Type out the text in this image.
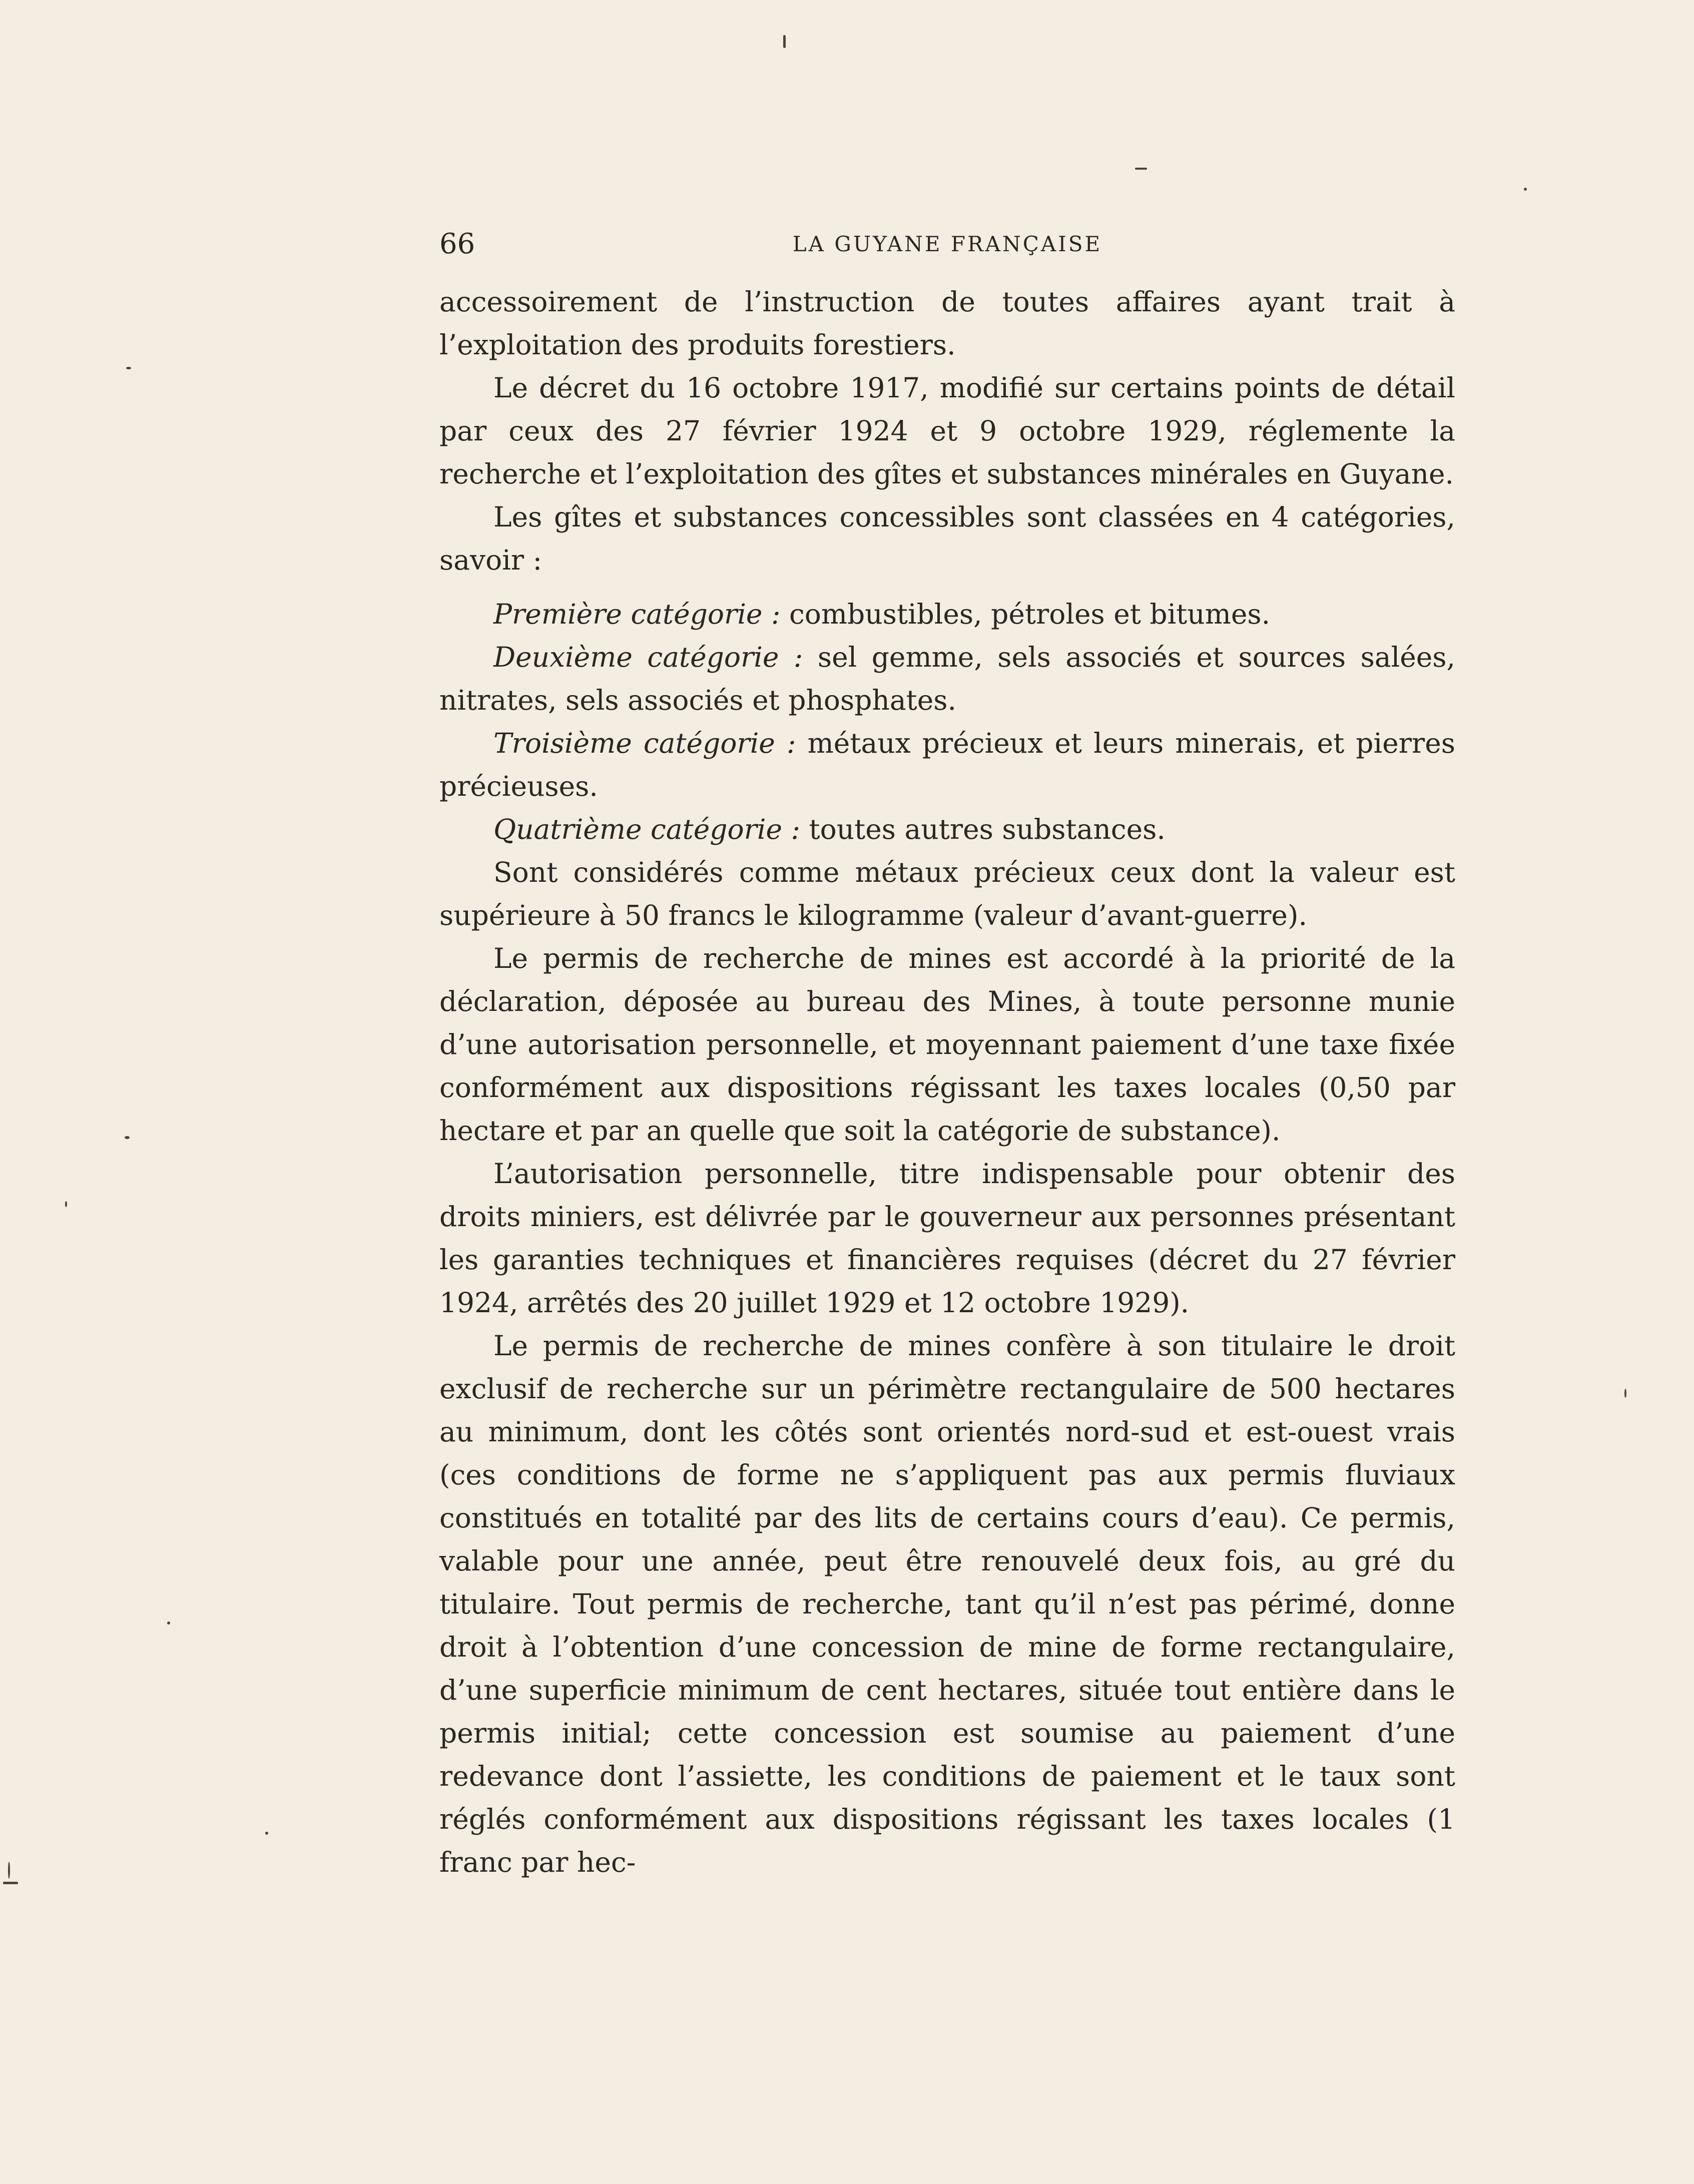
66	LA GUYANE FRANÇAISE

accessoirement de l’instruction de toutes affaires ayant trait à l’exploitation des produits forestiers.

Le décret du 16 octobre 1917, modifié sur certains points de détail par ceux des 27 février 1924 et 9 octobre 1929, réglemente la recherche et l’exploitation des gîtes et substances minérales en Guyane.

Les gîtes et substances concessibles sont classées en 4 catégories, savoir :

Première catégorie : combustibles, pétroles et bitumes.

Deuxième catégorie : sel gemme, sels associés et sources salées, nitrates, sels associés et phosphates.

Troisième catégorie : métaux précieux et leurs minerais, et pierres précieuses.

Quatrième catégorie : toutes autres substances.

Sont considérés comme métaux précieux ceux dont la valeur est supérieure à 50 francs le kilogramme (valeur d’avant-guerre).

Le permis de recherche de mines est accordé à la priorité de la déclaration, déposée au bureau des Mines, à toute personne munie d’une autorisation personnelle, et moyennant paiement d’une taxe fixée conformément aux dispositions régissant les taxes locales (0,50 par hectare et par an quelle que soit la catégorie de substance).

L’autorisation personnelle, titre indispensable pour obtenir des droits miniers, est délivrée par le gouverneur aux personnes présentant les garanties techniques et financières requises (décret du 27 février 1924, arrêtés des 20 juillet 1929 et 12 octobre 1929).

Le permis de recherche de mines confère à son titulaire le droit exclusif de recherche sur un périmètre rectangulaire de 500 hectares au minimum, dont les côtés sont orientés nord-sud et est-ouest vrais (ces conditions de forme ne s’appliquent pas aux permis fluviaux constitués en totalité par des lits de certains cours d’eau). Ce permis, valable pour une année, peut être renouvelé deux fois, au gré du titulaire. Tout permis de recherche, tant qu’il n’est pas périmé, donne droit à l’obtention d’une concession de mine de forme rectangulaire, d’une superficie minimum de cent hectares, située tout entière dans le permis initial; cette concession est soumise au paiement d’une redevance dont l’assiette, les conditions de paiement et le taux sont réglés conformément aux dispositions régissant les taxes locales (1 franc par hec-
